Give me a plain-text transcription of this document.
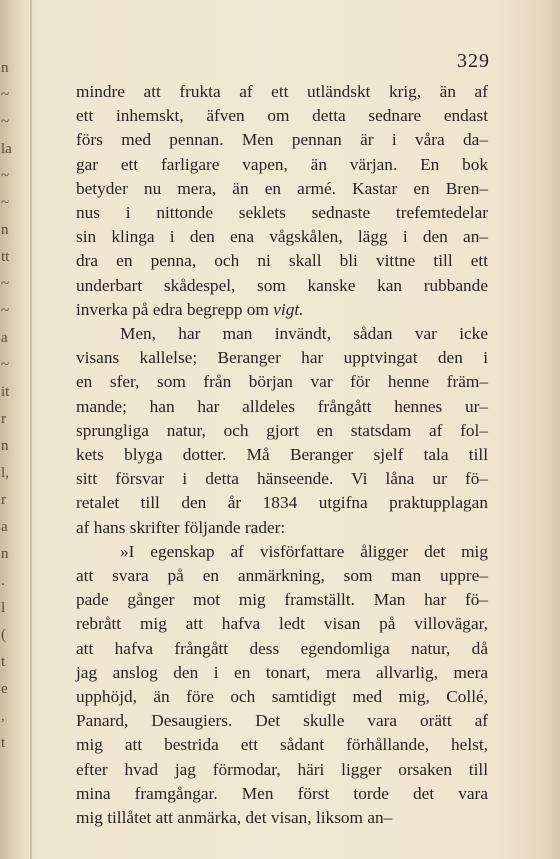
n
~
~
la
~
~
n
tt
~
~
a
~
it
r
n
l,
r
a
n
.
l
(
t
e
,
t
329
mindre att frukta af ett utländskt krig, än af
ett inhemskt, äfven om detta sednare endast
förs med pennan. Men pennan är i våra da–
gar ett farligare vapen, än värjan. En bok
betyder nu mera, än en armé. Kastar en Bren–
nus i nittonde seklets sednaste trefemtedelar
sin klinga i den ena vågskålen, lägg i den an–
dra en penna, och ni skall bli vittne till ett
underbart skådespel, som kanske kan rubbande
inverka på edra begrepp om vigt.
Men, har man invändt, sådan var icke
visans kallelse; Beranger har upptvingat den i
en sfer, som från början var för henne främ–
mande; han har alldeles frångått hennes ur–
sprungliga natur, och gjort en statsdam af fol–
kets blyga dotter. Må Beranger sjelf tala till
sitt försvar i detta hänseende. Vi låna ur fö–
retalet till den år 1834 utgifna praktupplagan
af hans skrifter följande rader:
»I egenskap af visförfattare åligger det mig
att svara på en anmärkning, som man uppre–
pade gånger mot mig framställt. Man har fö–
rebrått mig att hafva ledt visan på villovägar,
att hafva frångått dess egendomliga natur, då
jag anslog den i en tonart, mera allvarlig, mera
upphöjd, än före och samtidigt med mig, Collé,
Panard, Desaugiers. Det skulle vara orätt af
mig att bestrida ett sådant förhållande, helst,
efter hvad jag förmodar, häri ligger orsaken till
mina framgångar. Men först torde det vara
mig tillåtet att anmärka, det visan, liksom an–
